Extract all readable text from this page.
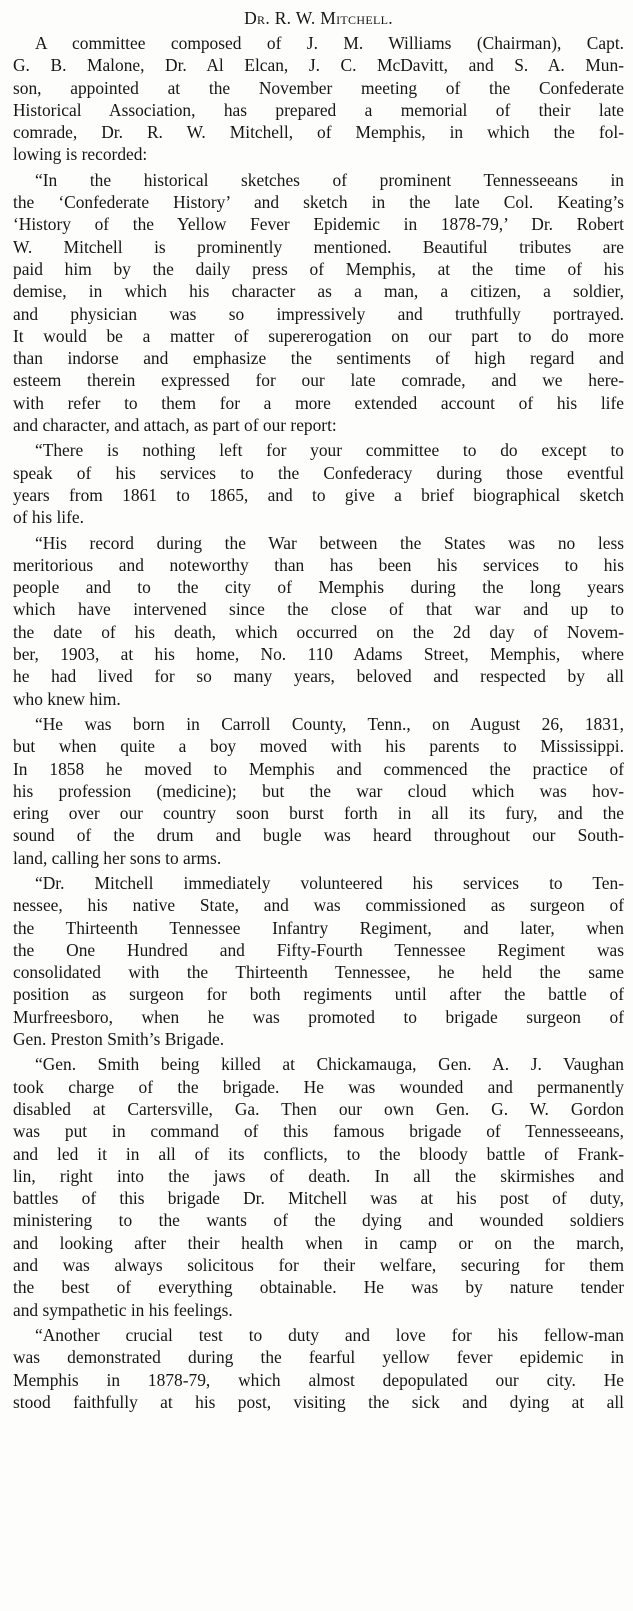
Dr. R. W. Mitchell.

A committee composed of J. M. Williams (Chairman), Capt.
G. B. Malone, Dr. Al Elcan, J. C. McDavitt, and S. A. Mun-
son, appointed at the November meeting of the Confederate
Historical Association, has prepared a memorial of their late
comrade, Dr. R. W. Mitchell, of Memphis, in which the fol-
lowing is recorded:

“In the historical sketches of prominent Tennesseeans in
the ‘Confederate History’ and sketch in the late Col. Keating’s
‘History of the Yellow Fever Epidemic in 1878-79,’ Dr. Robert
W. Mitchell is prominently mentioned. Beautiful tributes are
paid him by the daily press of Memphis, at the time of his
demise, in which his character as a man, a citizen, a soldier,
and physician was so impressively and truthfully portrayed.
It would be a matter of supererogation on our part to do more
than indorse and emphasize the sentiments of high regard and
esteem therein expressed for our late comrade, and we here-
with refer to them for a more extended account of his life
and character, and attach, as part of our report:

“There is nothing left for your committee to do except to
speak of his services to the Confederacy during those eventful
years from 1861 to 1865, and to give a brief biographical sketch
of his life.

“His record during the War between the States was no less
meritorious and noteworthy than has been his services to his
people and to the city of Memphis during the long years
which have intervened since the close of that war and up to
the date of his death, which occurred on the 2d day of Novem-
ber, 1903, at his home, No. 110 Adams Street, Memphis, where
he had lived for so many years, beloved and respected by all
who knew him.

“He was born in Carroll County, Tenn., on August 26, 1831,
but when quite a boy moved with his parents to Mississippi.
In 1858 he moved to Memphis and commenced the practice of
his profession (medicine); but the war cloud which was hov-
ering over our country soon burst forth in all its fury, and the
sound of the drum and bugle was heard throughout our South-
land, calling her sons to arms.

“Dr. Mitchell immediately volunteered his services to Ten-
nessee, his native State, and was commissioned as surgeon of
the Thirteenth Tennessee Infantry Regiment, and later, when
the One Hundred and Fifty-Fourth Tennessee Regiment was
consolidated with the Thirteenth Tennessee, he held the same
position as surgeon for both regiments until after the battle of
Murfreesboro, when he was promoted to brigade surgeon of
Gen. Preston Smith’s Brigade.

“Gen. Smith being killed at Chickamauga, Gen. A. J. Vaughan
took charge of the brigade. He was wounded and permanently
disabled at Cartersville, Ga. Then our own Gen. G. W. Gordon
was put in command of this famous brigade of Tennesseeans,
and led it in all of its conflicts, to the bloody battle of Frank-
lin, right into the jaws of death. In all the skirmishes and
battles of this brigade Dr. Mitchell was at his post of duty,
ministering to the wants of the dying and wounded soldiers
and looking after their health when in camp or on the march,
and was always solicitous for their welfare, securing for them
the best of everything obtainable. He was by nature tender
and sympathetic in his feelings.

“Another crucial test to duty and love for his fellow-man
was demonstrated during the fearful yellow fever epidemic in
Memphis in 1878-79, which almost depopulated our city. He
stood faithfully at his post, visiting the sick and dying at all
